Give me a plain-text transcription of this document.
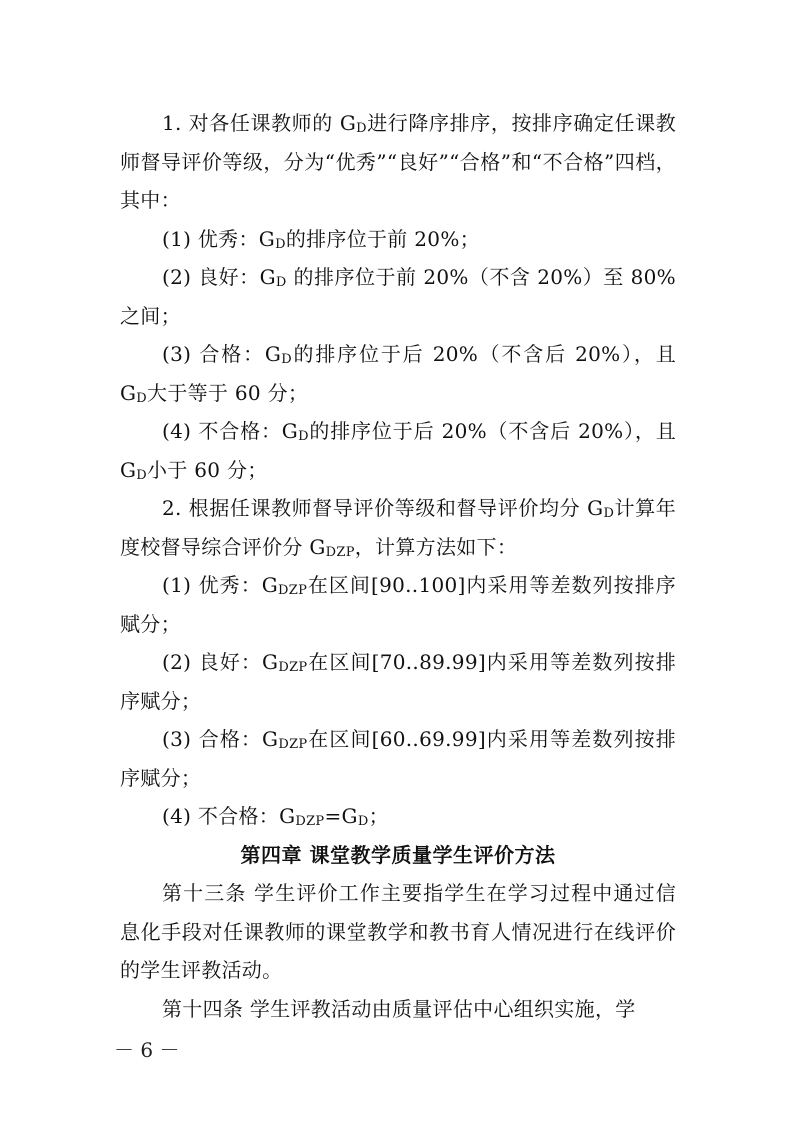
1. 对各任课教师的 $G_D$进行降序排序，按排序确定任课教师督导评价等级，分为“优秀”“良好”“合格”和“不合格”四档，其中：

(1) 优秀：$G_D$的排序位于前 20%；

(2) 良好：$G_D$ 的排序位于前 20%（不含 20%）至 80%之间；

(3) 合格：$G_D$的排序位于后 20%（不含后 20%），且 $G_D$大于等于 60 分；

(4) 不合格：$G_D$的排序位于后 20%（不含后 20%），且 $G_D$小于 60 分；

2. 根据任课教师督导评价等级和督导评价均分 $G_D$计算年度校督导综合评价分 $G_{DZP}$，计算方法如下：

(1) 优秀：$G_{DZP}$在区间[90..100]内采用等差数列按排序赋分；

(2) 良好：$G_{DZP}$在区间[70..89.99]内采用等差数列按排序赋分；

(3) 合格：$G_{DZP}$在区间[60..69.99]内采用等差数列按排序赋分；

(4) 不合格：$G_{DZP}=G_D$；

第四章 课堂教学质量学生评价方法

第十三条 学生评价工作主要指学生在学习过程中通过信息化手段对任课教师的课堂教学和教书育人情况进行在线评价的学生评教活动。

第十四条 学生评教活动由质量评估中心组织实施，学

－ 6 －
